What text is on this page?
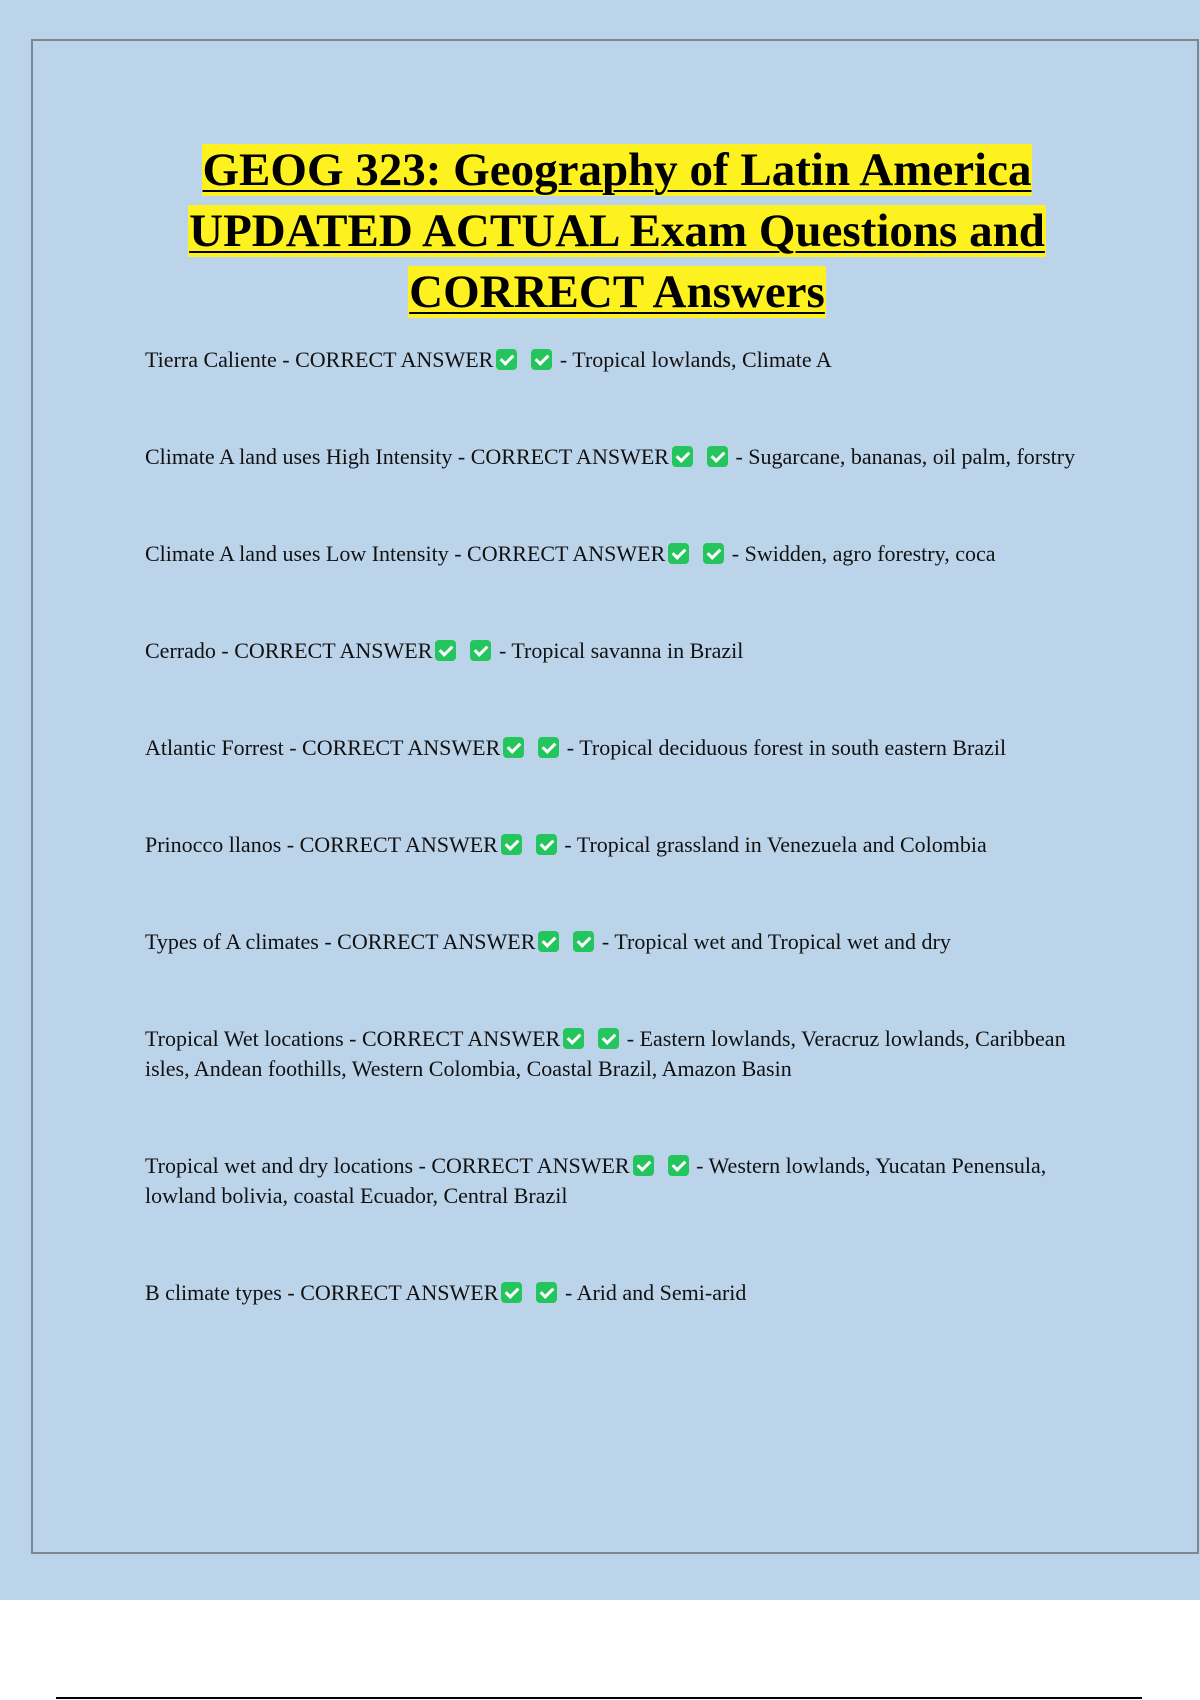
GEOG 323: Geography of Latin America
UPDATED ACTUAL Exam Questions and
CORRECT Answers
Tierra Caliente - CORRECT ANSWER	- Tropical lowlands, Climate A
Climate A land uses High Intensity - CORRECT ANSWER	- Sugarcane, bananas, oil palm, forstry
Climate A land uses Low Intensity - CORRECT ANSWER	- Swidden, agro forestry, coca
Cerrado - CORRECT ANSWER	- Tropical savanna in Brazil
Atlantic Forrest - CORRECT ANSWER	- Tropical deciduous forest in south eastern Brazil
Prinocco llanos - CORRECT ANSWER	- Tropical grassland in Venezuela and Colombia
Types of A climates - CORRECT ANSWER	- Tropical wet and Tropical wet and dry
Tropical Wet locations - CORRECT ANSWER	- Eastern lowlands, Veracruz lowlands, Caribbean isles, Andean foothills, Western Colombia, Coastal Brazil, Amazon Basin
Tropical wet and dry locations - CORRECT ANSWER	- Western lowlands, Yucatan Penensula, lowland bolivia, coastal Ecuador, Central Brazil
B climate types - CORRECT ANSWER	- Arid and Semi-arid
